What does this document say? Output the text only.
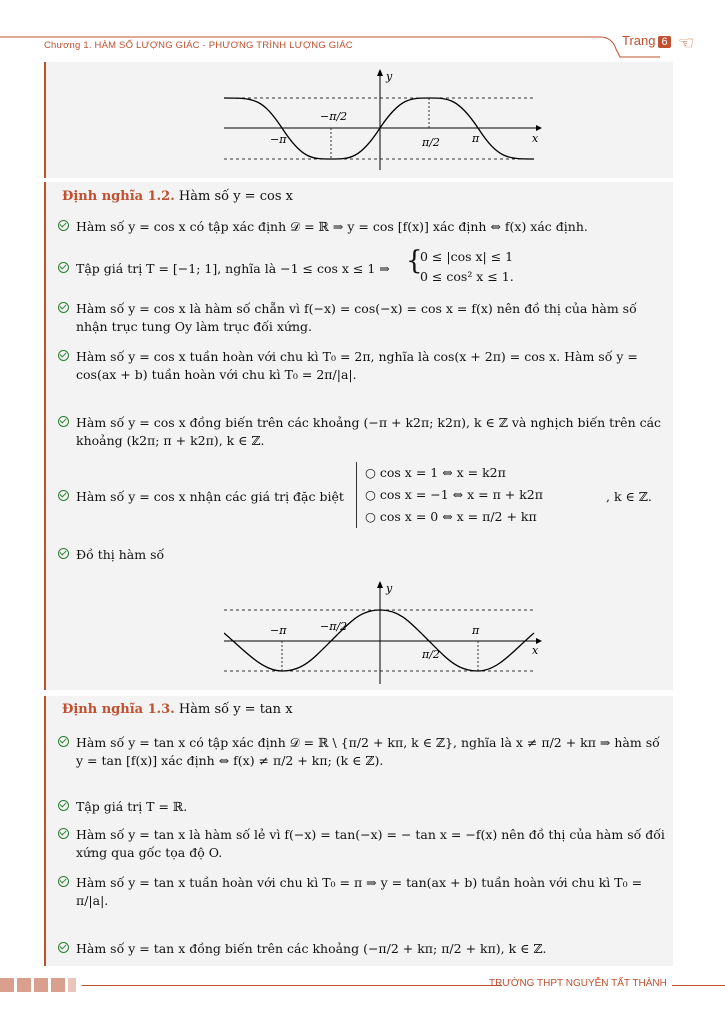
Chương 1. HÀM SỐ LƯỢNG GIÁC - PHƯƠNG TRÌNH LƯỢNG GIÁC	Trang 6 ☜
y
x
−π	π
−π/2
π/2
Định nghĩa 1.2. Hàm số y = cos x
Hàm số y = cos x có tập xác định 𝒟 = ℝ ⇒ y = cos [f(x)] xác định ⇔ f(x) xác định.
Tập giá trị T = [−1; 1], nghĩa là −1 ≤ cos x ≤ 1 ⇒ {
0 ≤ |cos x| ≤ 1
0 ≤ cos² x ≤ 1.
Hàm số y = cos x là hàm số chẵn vì f(−x) = cos(−x) = cos x = f(x) nên đồ thị của hàm số nhận trục tung Oy làm trục đối xứng.
Hàm số y = cos x tuần hoàn với chu kì T₀ = 2π, nghĩa là cos(x + 2π) = cos x. Hàm số y = cos(ax + b) tuần hoàn với chu kì T₀ = 2π/|a|.
Hàm số y = cos x đồng biến trên các khoảng (−π + k2π; k2π), k ∈ ℤ và nghịch biến trên các khoảng (k2π; π + k2π), k ∈ ℤ.
Hàm số y = cos x nhận các giá trị đặc biệt
○ cos x = 1 ⇔ x = k2π
○ cos x = −1 ⇔ x = π + k2π
○ cos x = 0 ⇔ x = π/2 + kπ
, k ∈ ℤ.
Đồ thị hàm số
y
x
−π	π
−π/2
π/2
Định nghĩa 1.3. Hàm số y = tan x
Hàm số y = tan x có tập xác định 𝒟 = ℝ \ {π/2 + kπ, k ∈ ℤ}, nghĩa là x ≠ π/2 + kπ ⇒ hàm số y = tan [f(x)] xác định ⇔ f(x) ≠ π/2 + kπ; (k ∈ ℤ).
Tập giá trị T = ℝ.
Hàm số y = tan x là hàm số lẻ vì f(−x) = tan(−x) = − tan x = −f(x) nên đồ thị của hàm số đối xứng qua gốc tọa độ O.
Hàm số y = tan x tuần hoàn với chu kì T₀ = π ⇒ y = tan(ax + b) tuần hoàn với chu kì T₀ = π/|a|.
Hàm số y = tan x đồng biến trên các khoảng (−π/2 + kπ; π/2 + kπ), k ∈ ℤ.
TRƯỜNG THPT NGUYỄN TẤT THÀNH
